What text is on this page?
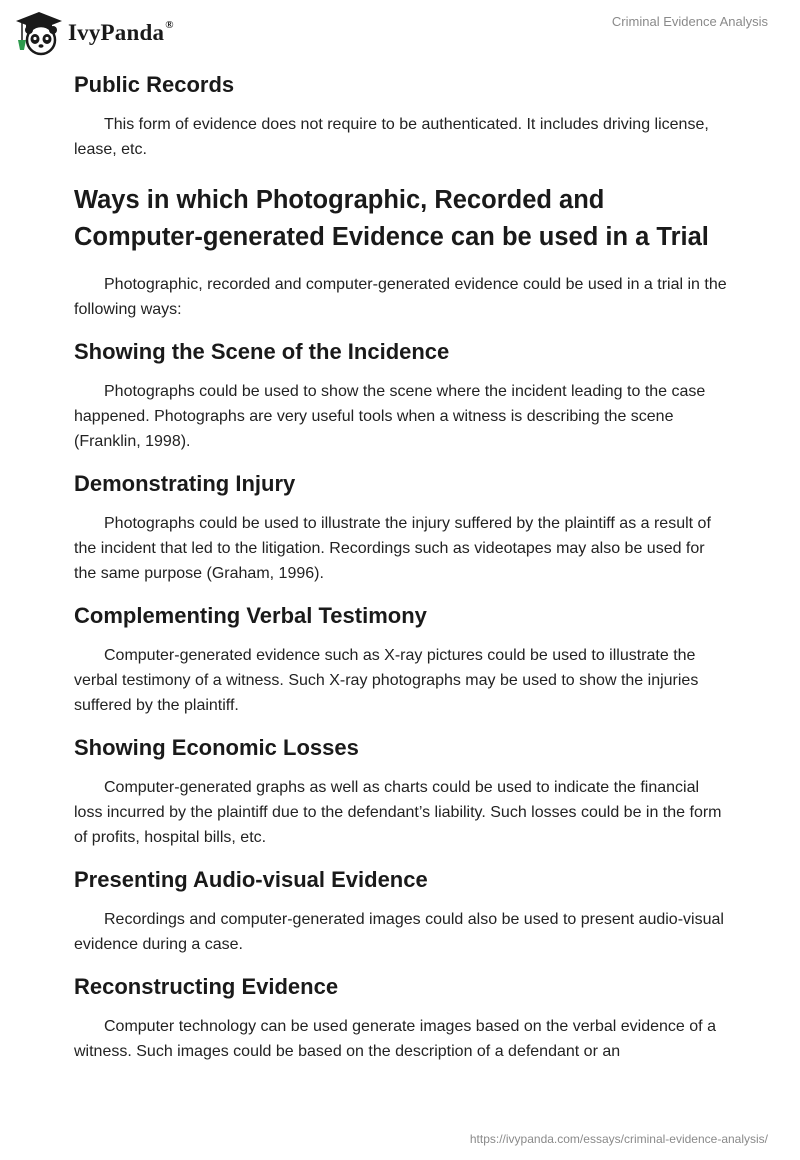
IvyPanda®	Criminal Evidence Analysis
Public Records

This form of evidence does not require to be authenticated. It includes driving license, lease, etc.

Ways in which Photographic, Recorded and Computer-generated Evidence can be used in a Trial

Photographic, recorded and computer-generated evidence could be used in a trial in the following ways:

Showing the Scene of the Incidence

Photographs could be used to show the scene where the incident leading to the case happened. Photographs are very useful tools when a witness is describing the scene (Franklin, 1998).

Demonstrating Injury

Photographs could be used to illustrate the injury suffered by the plaintiff as a result of the incident that led to the litigation. Recordings such as videotapes may also be used for the same purpose (Graham, 1996).

Complementing Verbal Testimony

Computer-generated evidence such as X-ray pictures could be used to illustrate the verbal testimony of a witness. Such X-ray photographs may be used to show the injuries suffered by the plaintiff.

Showing Economic Losses

Computer-generated graphs as well as charts could be used to indicate the financial loss incurred by the plaintiff due to the defendant’s liability. Such losses could be in the form of profits, hospital bills, etc.

Presenting Audio-visual Evidence

Recordings and computer-generated images could also be used to present audio-visual evidence during a case.

Reconstructing Evidence

Computer technology can be used generate images based on the verbal evidence of a witness. Such images could be based on the description of a defendant or an

https://ivypanda.com/essays/criminal-evidence-analysis/
